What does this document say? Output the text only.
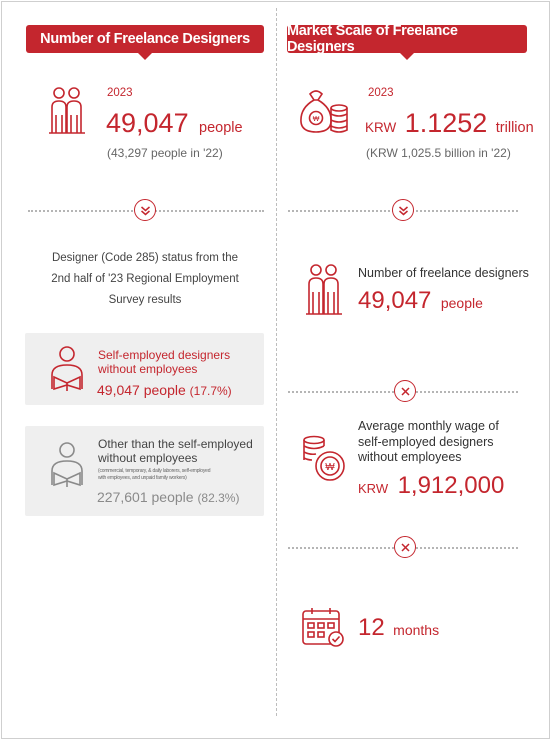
Number of Freelance Designers
2023
49,047 people
(43,297 people in '22)
Designer (Code 285) status from the
2nd half of '23 Regional Employment
Survey results
Self-employed designers
without employees
49,047 people (17.7%)
Other than the self-employed
without employees
(commercial, temporary, & daily laborers, self-employed
with employees, and unpaid family workers)
227,601 people (82.3%)
Market Scale of Freelance Designers
₩
2023
KRW 1.1252 trillion
(KRW 1,025.5 billion in '22)
Number of freelance designers
49,047 people
₩
Average monthly wage of
self-employed designers
without employees
KRW 1,912,000
12 months
